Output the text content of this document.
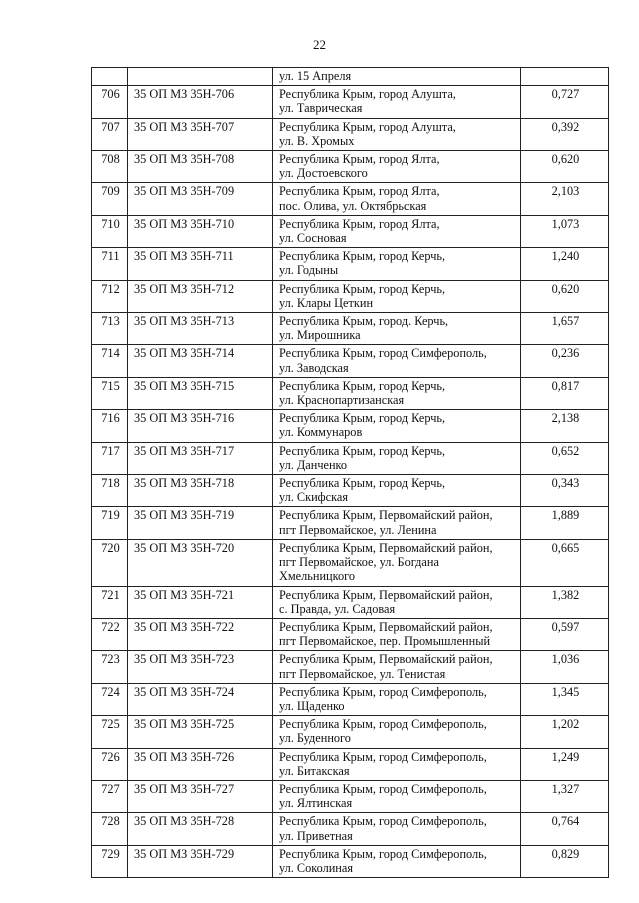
22

		ул. 15 Апреля	

706	35 ОП МЗ 35Н-706	Республика Крым, город Алушта,
ул. Таврическая	0,727
707	35 ОП МЗ 35Н-707	Республика Крым, город Алушта,
ул. В. Хромых	0,392
708	35 ОП МЗ 35Н-708	Республика Крым, город Ялта,
ул. Достоевского	0,620
709	35 ОП МЗ 35Н-709	Республика Крым, город Ялта,
пос. Олива, ул. Октябрьская	2,103
710	35 ОП МЗ 35Н-710	Республика Крым, город Ялта,
ул. Сосновая	1,073
711	35 ОП МЗ 35Н-711	Республика Крым, город Керчь,
ул. Годыны	1,240
712	35 ОП МЗ 35Н-712	Республика Крым, город Керчь,
ул. Клары Цеткин	0,620
713	35 ОП МЗ 35Н-713	Республика Крым, город. Керчь,
ул. Мирошника	1,657
714	35 ОП МЗ 35Н-714	Республика Крым, город Симферополь,
ул. Заводская	0,236
715	35 ОП МЗ 35Н-715	Республика Крым, город Керчь,
ул. Краснопартизанская	0,817
716	35 ОП МЗ 35Н-716	Республика Крым, город Керчь,
ул. Коммунаров	2,138
717	35 ОП МЗ 35Н-717	Республика Крым, город Керчь,
ул. Данченко	0,652
718	35 ОП МЗ 35Н-718	Республика Крым, город Керчь,
ул. Скифская	0,343
719	35 ОП МЗ 35Н-719	Республика Крым, Первомайский район,
пгт Первомайское, ул. Ленина	1,889
720	35 ОП МЗ 35Н-720	Республика Крым, Первомайский район,
пгт Первомайское, ул. Богдана
Хмельницкого	0,665
721	35 ОП МЗ 35Н-721	Республика Крым, Первомайский район,
с. Правда, ул. Садовая	1,382
722	35 ОП МЗ 35Н-722	Республика Крым, Первомайский район,
пгт Первомайское, пер. Промышленный	0,597
723	35 ОП МЗ 35Н-723	Республика Крым, Первомайский район,
пгт Первомайское, ул. Тенистая	1,036
724	35 ОП МЗ 35Н-724	Республика Крым, город Симферополь,
ул. Щаденко	1,345
725	35 ОП МЗ 35Н-725	Республика Крым, город Симферополь,
ул. Буденного	1,202
726	35 ОП МЗ 35Н-726	Республика Крым, город Симферополь,
ул. Битакская	1,249
727	35 ОП МЗ 35Н-727	Республика Крым, город Симферополь,
ул. Ялтинская	1,327
728	35 ОП МЗ 35Н-728	Республика Крым, город Симферополь,
ул. Приветная	0,764
729	35 ОП МЗ 35Н-729	Республика Крым, город Симферополь,
ул. Соколиная	0,829
